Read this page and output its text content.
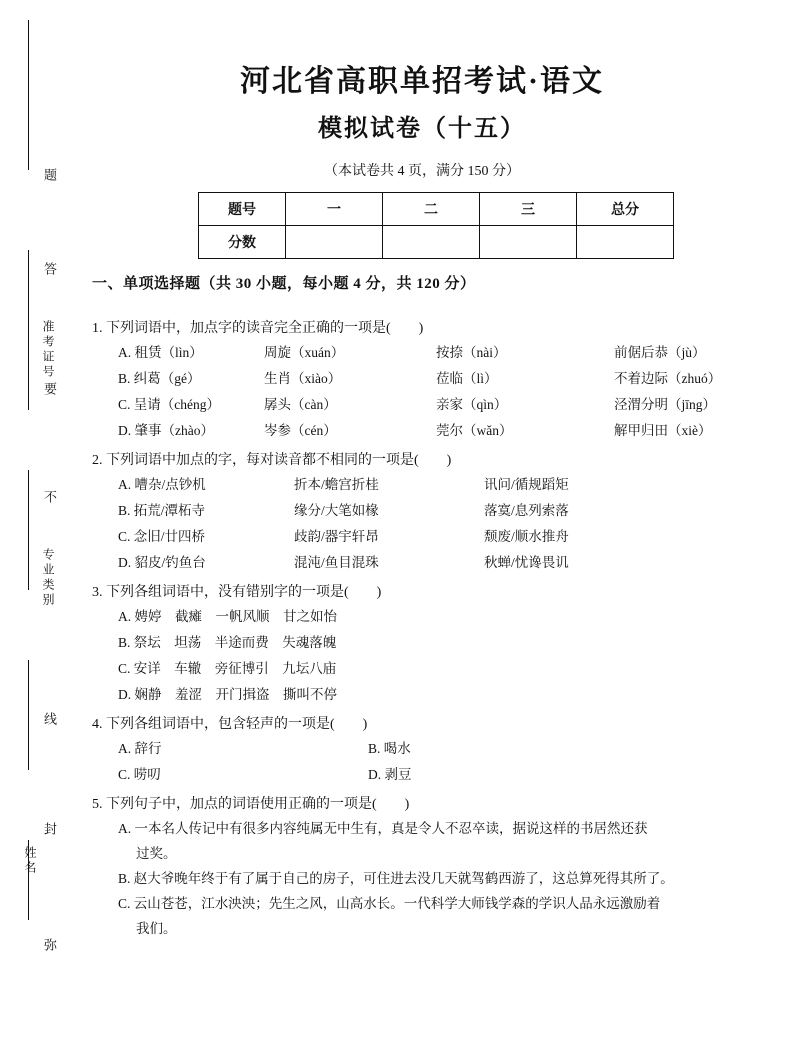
题
答
准考证号
要
不
专业类别
线
封
姓名
弥
河北省高职单招考试·语文
模拟试卷（十五）
（本试卷共 4 页，满分 150 分）
题号	一	二	三	总分
分数				
一、单项选择题（共 30 小题，每小题 4 分，共 120 分）
1. 下列词语中，加点字的读音完全正确的一项是(　　)
A. 租赁（lìn）	周旋（xuán）	按捺（nài）	前倨后恭（jù）
B. 纠葛（gé）	生肖（xiào）	莅临（lì）	不着边际（zhuó）
C. 呈请（chéng）	孱头（càn）	亲家（qìn）	泾渭分明（jīng）
D. 肇事（zhào）	岑参（cén）	莞尔（wǎn）	解甲归田（xiè）
2. 下列词语中加点的字，每对读音都不相同的一项是(　　)
A. 嘈杂/点钞机	折本/蟾宫折桂	讯问/循规蹈矩
B. 拓荒/潭柘寺	缘分/大笔如椽	落寞/息列索落
C. 念旧/廿四桥	歧韵/器宇轩昂	颓废/顺水推舟
D. 貂皮/钓鱼台	混沌/鱼目混珠	秋蝉/忧谗畏讥
3. 下列各组词语中，没有错别字的一项是(　　)
A. 娉婷　截瘫　一帆风顺　甘之如怡
B. 祭坛　坦荡　半途而费　失魂落魄
C. 安详　车辙　旁征博引　九坛八庙
D. 娴静　羞涩　开门揖盗　撕叫不停
4. 下列各组词语中，包含轻声的一项是(　　)
A. 辞行	B. 喝水
C. 唠叨	D. 剥豆
5. 下列句子中，加点的词语使用正确的一项是(　　)
A. 一本名人传记中有很多内容纯属无中生有，真是令人不忍卒读，据说这样的书居然还获
过奖。
B. 赵大爷晚年终于有了属于自己的房子，可住进去没几天就驾鹤西游了，这总算死得其所了。
C. 云山苍苍，江水泱泱；先生之风，山高水长。一代科学大师钱学森的学识人品永远激励着
我们。
